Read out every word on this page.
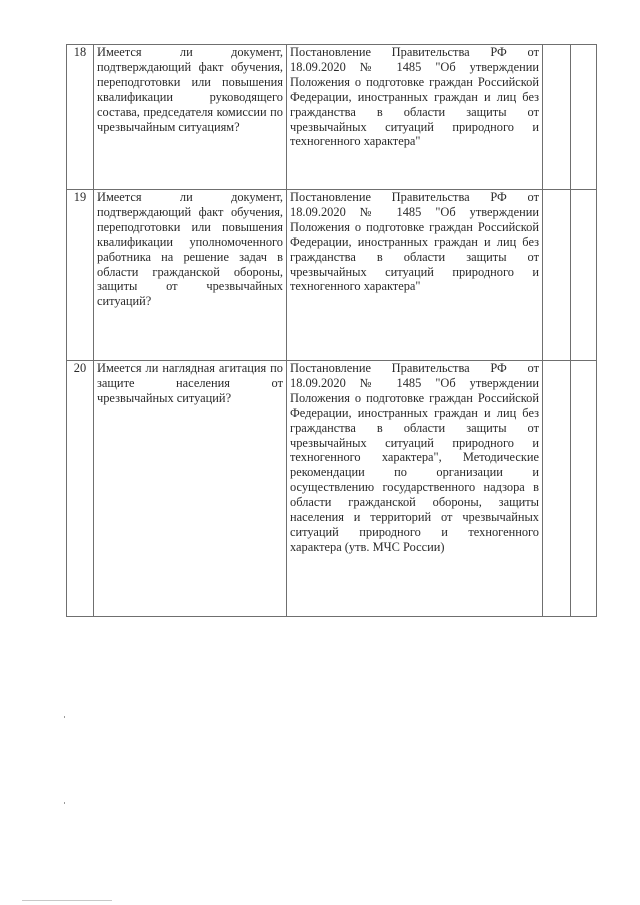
18	Имеется ли документ, подтверждающий факт обучения, переподготовки или повышения квалификации руководящего состава, председателя комиссии по чрезвычайным ситуациям?	Постановление Правительства РФ от 18.09.2020 № 1485 "Об утверждении Положения о подготовке граждан Российской Федерации, иностранных граждан и лиц без гражданства в области защиты от чрезвычайных ситуаций природного и техногенного характера"		
19	Имеется ли документ, подтверждающий факт обучения, переподготовки или повышения квалификации уполномоченного работника на решение задач в области гражданской обороны, защиты от чрезвычайных ситуаций?	Постановление Правительства РФ от 18.09.2020 № 1485 "Об утверждении Положения о подготовке граждан Российской Федерации, иностранных граждан и лиц без гражданства в области защиты от чрезвычайных ситуаций природного и техногенного характера"		
20	Имеется ли наглядная агитация по защите населения от чрезвычайных ситуаций?	Постановление Правительства РФ от 18.09.2020 № 1485 "Об утверждении Положения о подготовке граждан Российской Федерации, иностранных граждан и лиц без гражданства в области защиты от чрезвычайных ситуаций природного и техногенного характера", Методические рекомендации по организации и осуществлению государственного надзора в области гражданской обороны, защиты населения и территорий от чрезвычайных ситуаций природного и техногенного характера (утв. МЧС России)		
